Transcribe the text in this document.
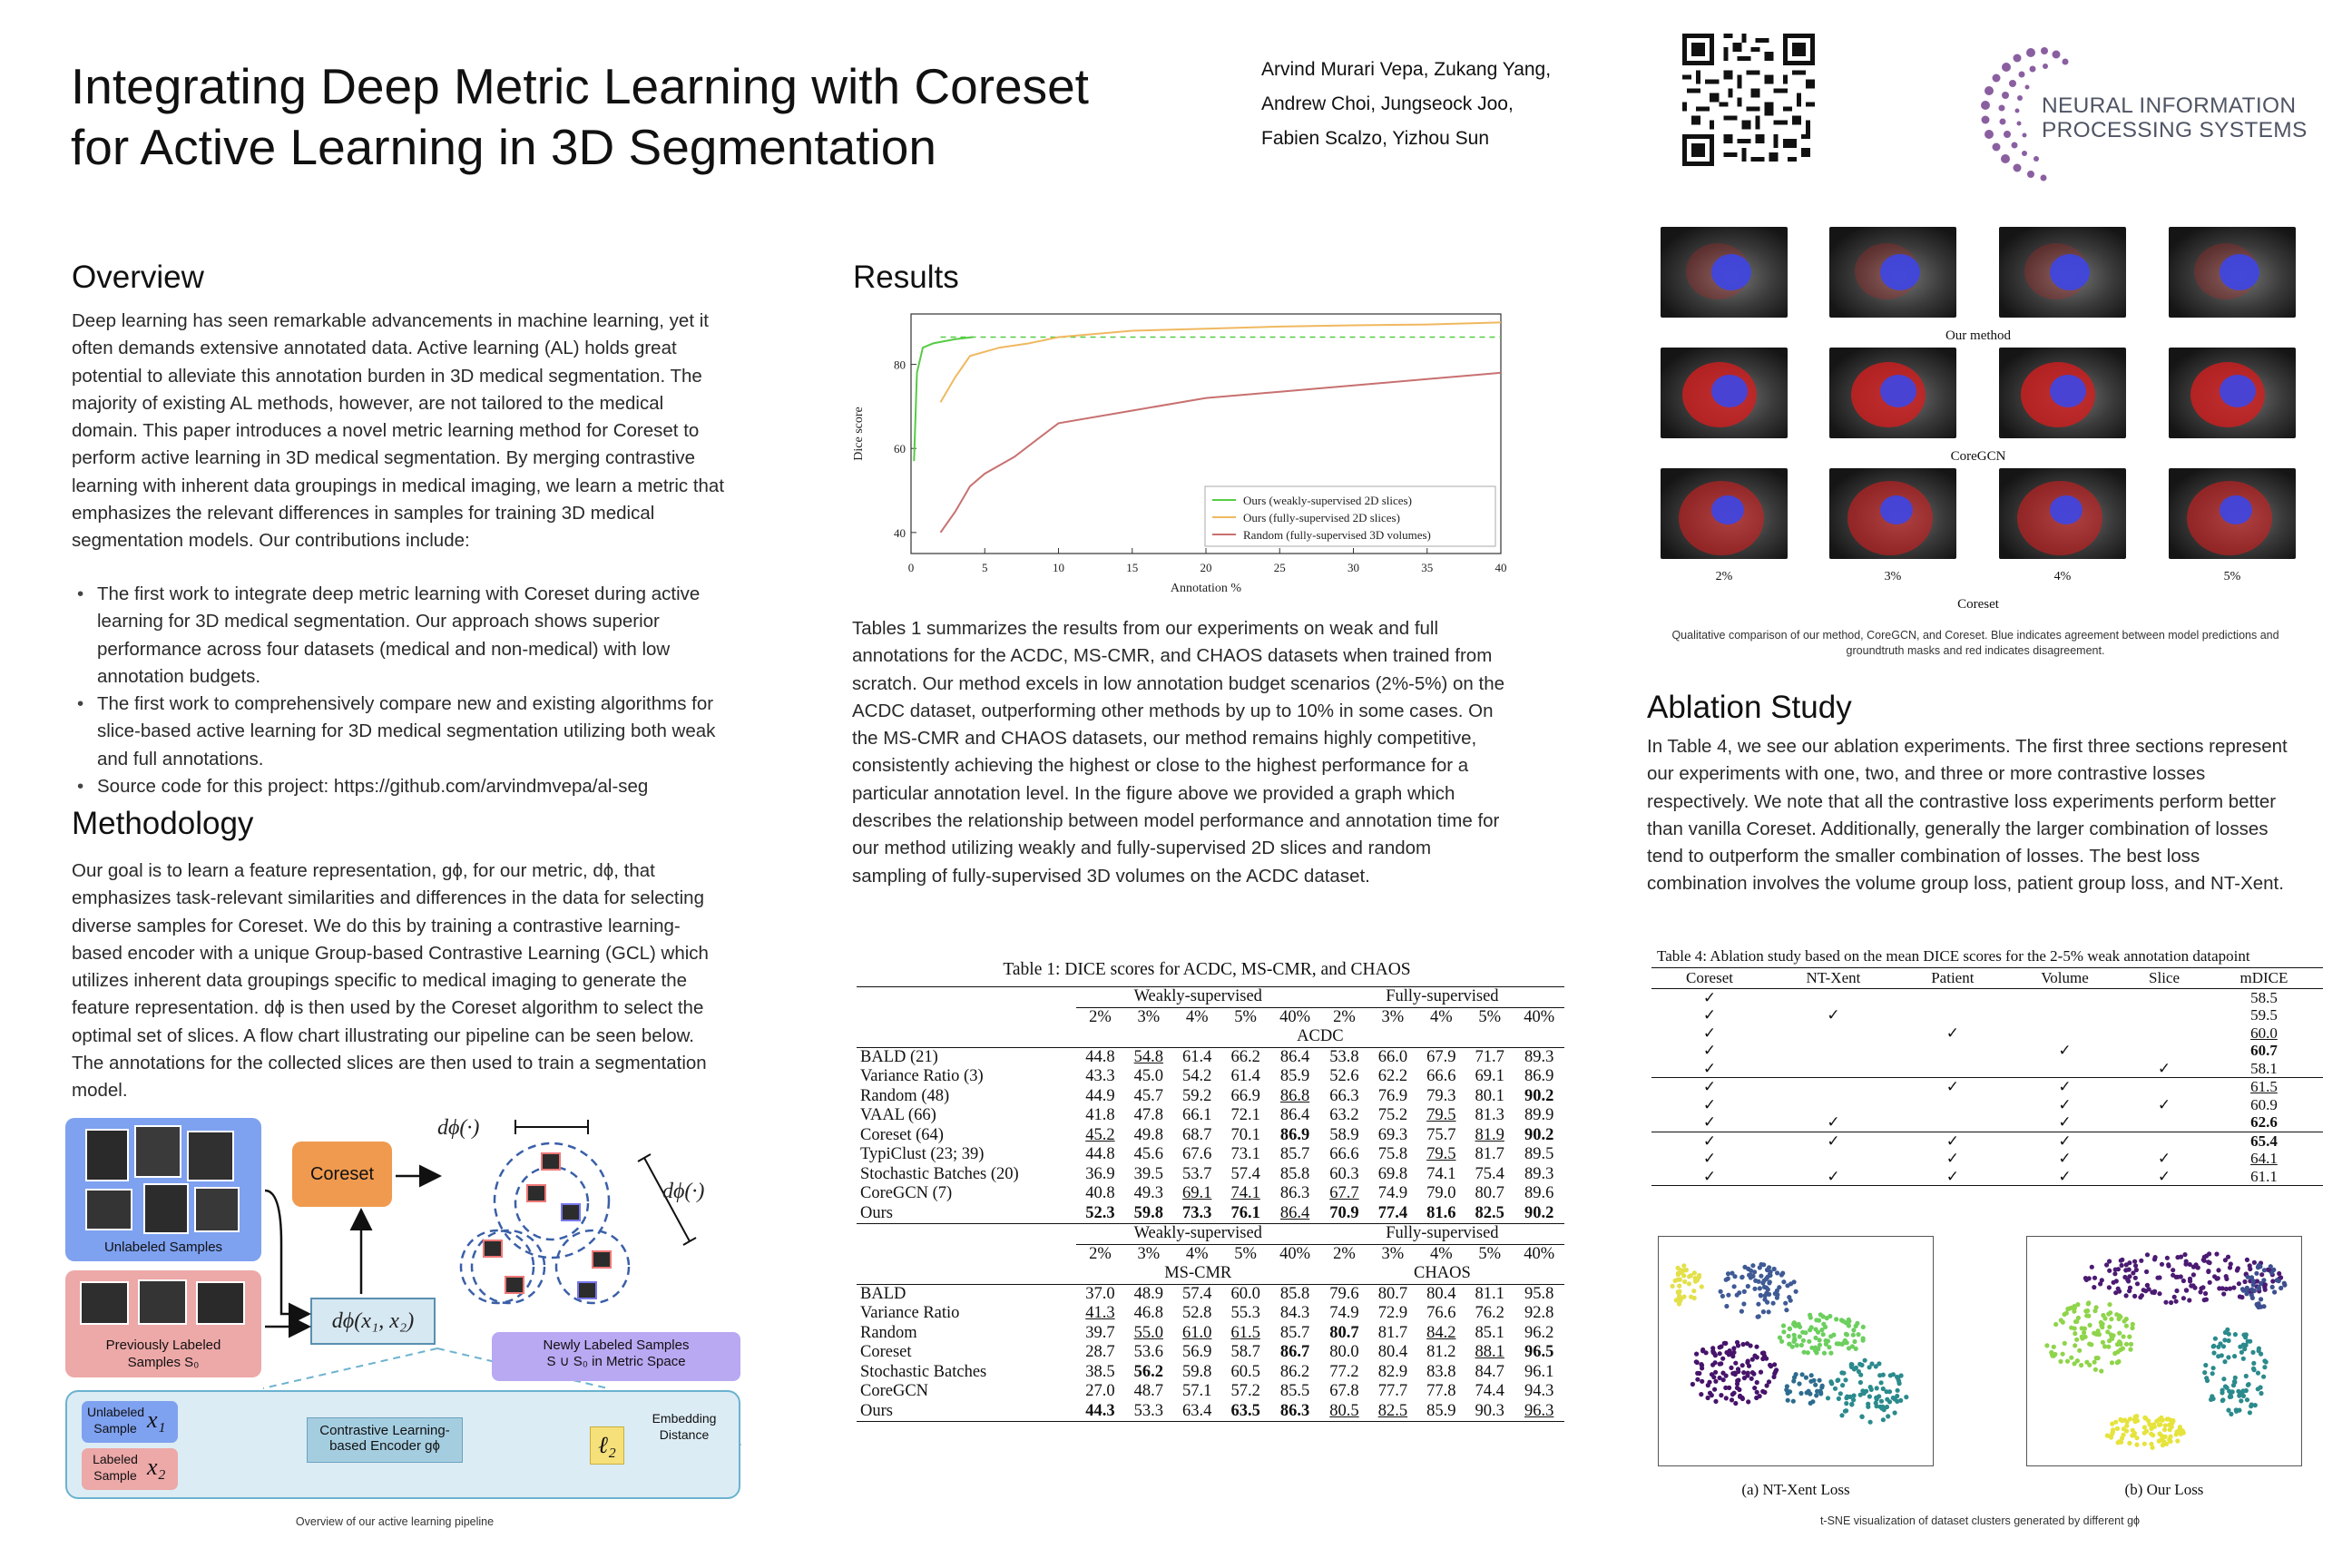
Integrating Deep Metric Learning with Coreset
for Active Learning in 3D Segmentation
Arvind Murari Vepa, Zukang Yang,
Andrew Choi, Jungseock Joo,
Fabien Scalzo, Yizhou Sun
NEURAL INFORMATION
PROCESSING SYSTEMS
Overview

Deep learning has seen remarkable advancements in machine learning, yet it often demands extensive annotated data. Active learning (AL) holds great potential to alleviate this annotation burden in 3D medical segmentation. The majority of existing AL methods, however, are not tailored to the medical domain. This paper introduces a novel metric learning method for Coreset to perform active learning in 3D medical segmentation. By merging contrastive learning with inherent data groupings in medical imaging, we learn a metric that emphasizes the relevant differences in samples for training 3D medical segmentation models. Our contributions include:

• The first work to integrate deep metric learning with Coreset during active learning for 3D medical segmentation. Our approach shows superior performance across four datasets (medical and non-medical) with low annotation budgets.
• The first work to comprehensively compare new and existing algorithms for slice-based active learning for 3D medical segmentation utilizing both weak and full annotations.
• Source code for this project: https://github.com/arvindmvepa/al-seg
Methodology

Our goal is to learn a feature representation, gϕ, for our metric, dϕ, that emphasizes task-relevant similarities and differences in the data for selecting diverse samples for Coreset. We do this by training a contrastive learning-based encoder with a unique Group-based Contrastive Learning (GCL) which utilizes inherent data groupings specific to medical imaging to generate the feature representation. dϕ is then used by the Coreset algorithm to select the optimal set of slices. A flow chart illustrating our pipeline can be seen below. The annotations for the collected slices are then used to train a segmentation model.

Unlabeled Samples
Previously Labeled
Samples S₀
Coreset
dϕ(x₁, x₂)
dϕ(·)
dϕ(·)
Newly Labeled Samples
S ∪ S₀ in Metric Space
Unlabeled
Sample x₁
Labeled
Sample x₂
Contrastive Learning-
based Encoder gϕ	ℓ₂
Embedding
Distance
Overview of our active learning pipeline
Results
0	5	10	15	20	25	30	35	40
40
60
80
Annotation %
Dice score
Ours (weakly-supervised 2D slices)
Ours (fully-supervised 2D slices)
Random (fully-supervised 3D volumes)

Tables 1 summarizes the results from our experiments on weak and full annotations for the ACDC, MS-CMR, and CHAOS datasets when trained from scratch. Our method excels in low annotation budget scenarios (2%-5%) on the ACDC dataset, outperforming other methods by up to 10% in some cases. On the MS-CMR and CHAOS datasets, our method remains highly competitive, consistently achieving the highest or close to the highest performance for a particular annotation level. In the figure above we provided a graph which describes the relationship between model performance and annotation time for our method utilizing weakly and fully-supervised 2D slices and random sampling of fully-supervised 3D volumes on the ACDC dataset.

Table 1: DICE scores for ACDC, MS-CMR, and CHAOS
	Weakly-supervised					Fully-supervised				
	2%	3%	4%	5%	40%	2%	3%	4%	5%	40%
	ACDC									
BALD (21)	44.8	54.8	61.4	66.2	86.4	53.8	66.0	67.9	71.7	89.3
Variance Ratio (3)	43.3	45.0	54.2	61.4	85.9	52.6	62.2	66.6	69.1	86.9
Random (48)	44.9	45.7	59.2	66.9	86.8	66.3	76.9	79.3	80.1	90.2
VAAL (66)	41.8	47.8	66.1	72.1	86.4	63.2	75.2	79.5	81.3	89.9
Coreset (64)	45.2	49.8	68.7	70.1	86.9	58.9	69.3	75.7	81.9	90.2
TypiClust (23; 39)	44.8	45.6	67.6	73.1	85.7	66.6	75.8	79.5	81.7	89.5
Stochastic Batches (20)	36.9	39.5	53.7	57.4	85.8	60.3	69.8	74.1	75.4	89.3
CoreGCN (7)	40.8	49.3	69.1	74.1	86.3	67.7	74.9	79.0	80.7	89.6
Ours	52.3	59.8	73.3	76.1	86.4	70.9	77.4	81.6	82.5	90.2
	Weakly-supervised					Fully-supervised				
	2%	3%	4%	5%	40%	2%	3%	4%	5%	40%
	MS-CMR					CHAOS				
BALD	37.0	48.9	57.4	60.0	85.8	79.6	80.7	80.4	81.1	95.8
Variance Ratio	41.3	46.8	52.8	55.3	84.3	74.9	72.9	76.6	76.2	92.8
Random	39.7	55.0	61.0	61.5	85.7	80.7	81.7	84.2	85.1	96.2
Coreset	28.7	53.6	56.9	58.7	86.7	80.0	80.4	81.2	88.1	96.5
Stochastic Batches	38.5	56.2	59.8	60.5	86.2	77.2	82.9	83.8	84.7	96.1
CoreGCN	27.0	48.7	57.1	57.2	85.5	67.8	77.7	77.8	74.4	94.3
Ours	44.3	53.3	63.4	63.5	86.3	80.5	82.5	85.9	90.3	96.3
Our method
CoreGCN
2%	3%	4%	5%
Coreset
Qualitative comparison of our method, CoreGCN, and Coreset. Blue indicates agreement between model predictions and
groundtruth masks and red indicates disagreement.
Ablation Study

In Table 4, we see our ablation experiments. The first three sections represent our experiments with one, two, and three or more contrastive losses respectively. We note that all the contrastive loss experiments perform better than vanilla Coreset. Additionally, generally the larger combination of losses tend to outperform the smaller combination of losses. The best loss combination involves the volume group loss, patient group loss, and NT-Xent.

Table 4: Ablation study based on the mean DICE scores for the 2-5% weak annotation datapoint
Coreset	NT-Xent	Patient	Volume	Slice	mDICE
✓					58.5
✓	✓				59.5
✓		✓			60.0
✓			✓		60.7
✓				✓	58.1
✓		✓	✓		61.5
✓			✓	✓	60.9
✓	✓		✓		62.6
✓	✓	✓	✓		65.4
✓		✓	✓	✓	64.1
✓	✓	✓	✓	✓	61.1
(a) NT-Xent Loss	(b) Our Loss
t-SNE visualization of dataset clusters generated by different gϕ
